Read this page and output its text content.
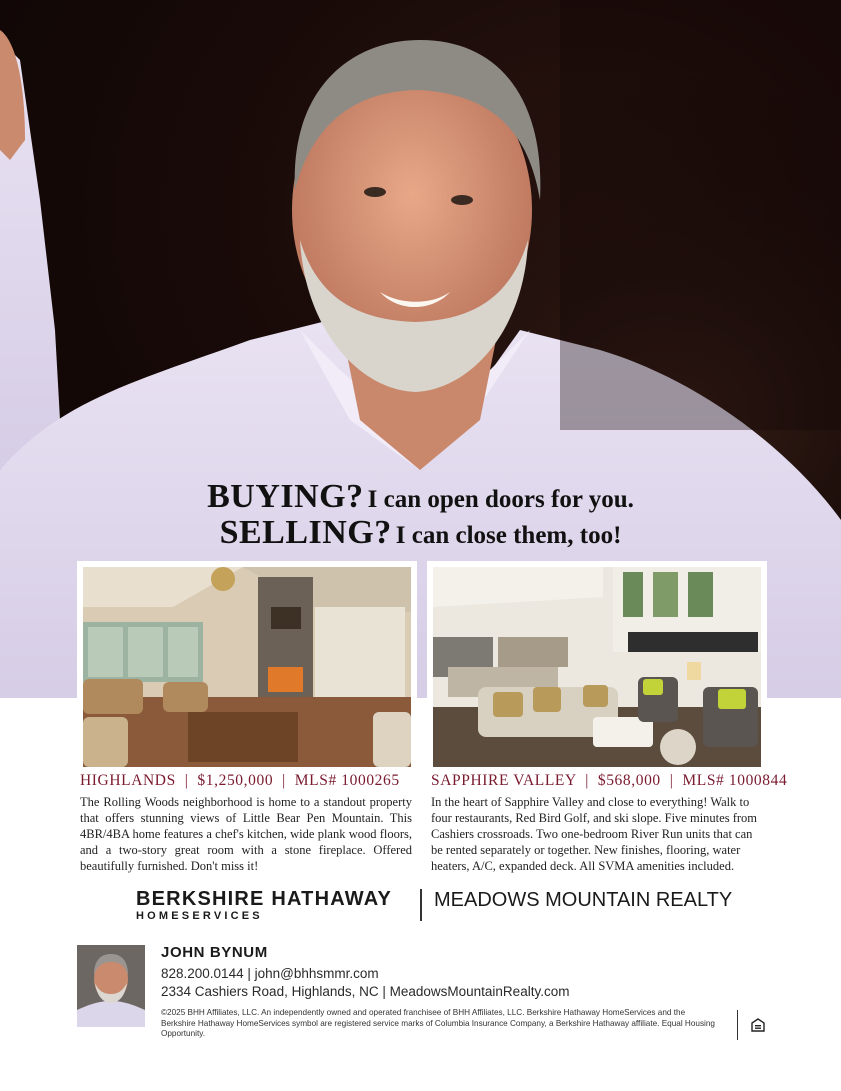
BUYING? I can open doors for you.
SELLING? I can close them, too!
HIGHLANDS | $1,250,000 | MLS# 1000265
The Rolling Woods neighborhood is home to a standout property that offers stunning views of Little Bear Pen Mountain. This 4BR/4BA home features a chef's kitchen, wide plank wood floors, and a two-story great room with a stone fireplace. Offered beautifully furnished. Don't miss it!
SAPPHIRE VALLEY | $568,000 | MLS# 1000844
In the heart of Sapphire Valley and close to everything! Walk to four restaurants, Red Bird Golf, and ski slope. Five minutes from Cashiers crossroads. Two one-bedroom River Run units that can be rented separately or together. New finishes, flooring, water heaters, A/C, expanded deck. All SVMA amenities included.
BERKSHIRE HATHAWAY
HOMESERVICES
MEADOWS MOUNTAIN REALTY
JOHN BYNUM
828.200.0144 | john@bhhsmmr.com
2334 Cashiers Road, Highlands, NC | MeadowsMountainRealty.com
©2025 BHH Affiliates, LLC. An independently owned and operated franchisee of BHH Affiliates, LLC. Berkshire Hathaway HomeServices and the Berkshire Hathaway HomeServices symbol are registered service marks of Columbia Insurance Company, a Berkshire Hathaway affiliate. Equal Housing Opportunity.
